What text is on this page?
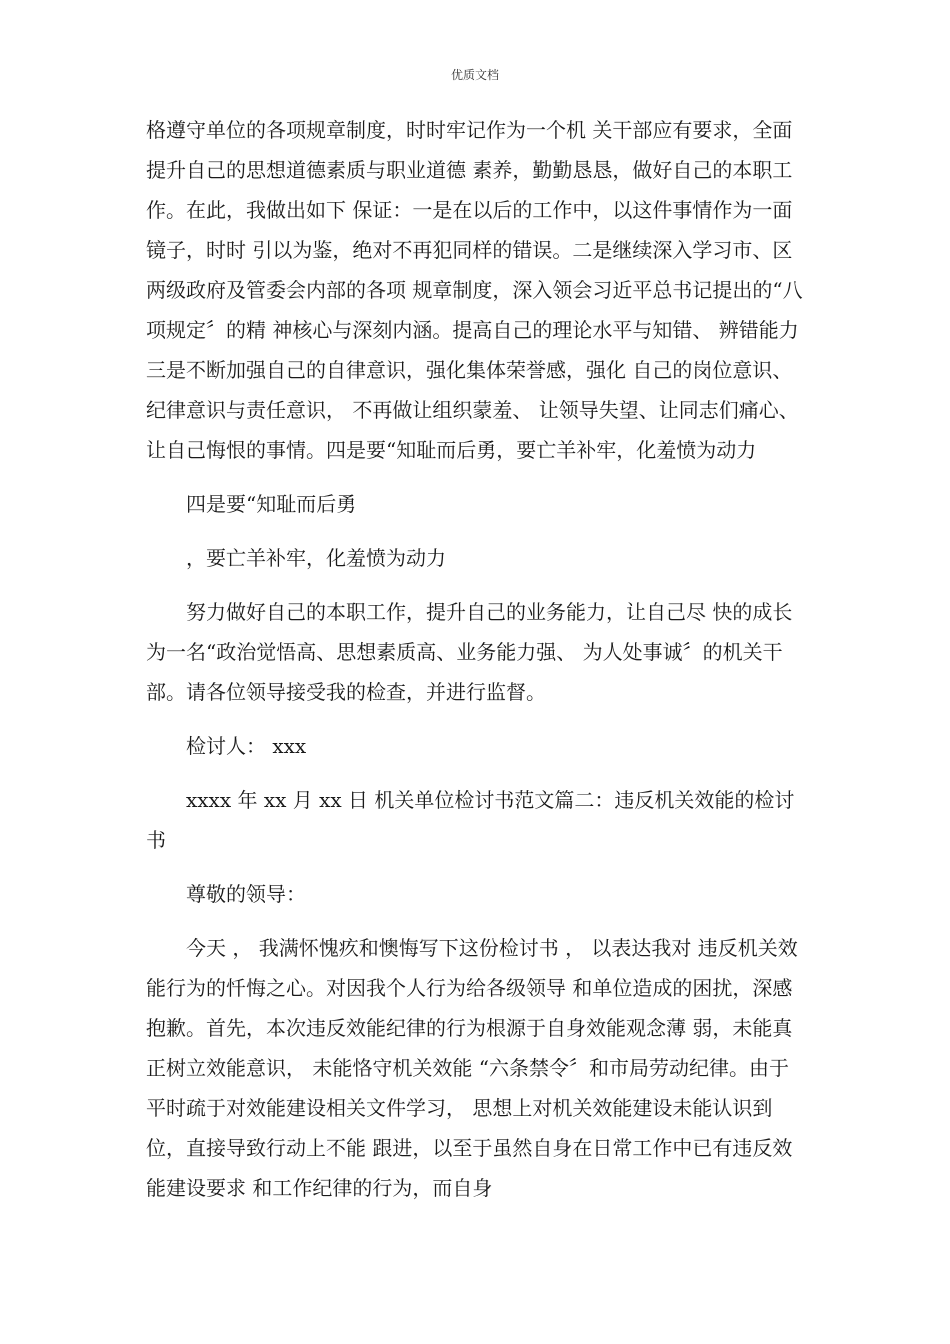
优质文档

格遵守单位的各项规章制度，时时牢记作为一个机 关干部应有要求，全面提升自己的思想道德素质与职业道德 素养，勤勤恳恳，做好自己的本职工作。在此，我做出如下 保证：一是在以后的工作中，以这件事情作为一面镜子，时时 引以为鉴，绝对不再犯同样的错误。二是继续深入学习市、区两级政府及管委会内部的各项 规章制度，深入领会习近平总书记提出的“八项规定〞的精 神核心与深刻内涵。提高自己的理论水平与知错、 辨错能力三是不断加强自己的自律意识，强化集体荣誉感，强化 自己的岗位意识、纪律意识与责任意识， 不再做让组织蒙羞、 让领导失望、让同志们痛心、让自己悔恨的事情。四是要“知耻而后勇，要亡羊补牢，化羞愤为动力

四是要“知耻而后勇

，要亡羊补牢，化羞愤为动力

努力做好自己的本职工作，提升自己的业务能力，让自己尽 快的成长为一名“政治觉悟高、思想素质高、业务能力强、 为人处事诚〞的机关干部。请各位领导接受我的检查，并进行监督。

检讨人： xxx

xxxx 年 xx 月 xx 日 机关单位检讨书范文篇二：违反机关效能的检讨书

尊敬的领导：

今天 ， 我满怀愧疚和懊悔写下这份检讨书 ， 以表达我对 违反机关效能行为的忏悔之心。对因我个人行为给各级领导 和单位造成的困扰，深感抱歉。首先，本次违反效能纪律的行为根源于自身效能观念薄 弱，未能真正树立效能意识， 未能恪守机关效能 “六条禁令〞和市局劳动纪律。由于平时疏于对效能建设相关文件学习， 思想上对机关效能建设未能认识到位，直接导致行动上不能 跟进，以至于虽然自身在日常工作中已有违反效能建设要求 和工作纪律的行为，而自身
